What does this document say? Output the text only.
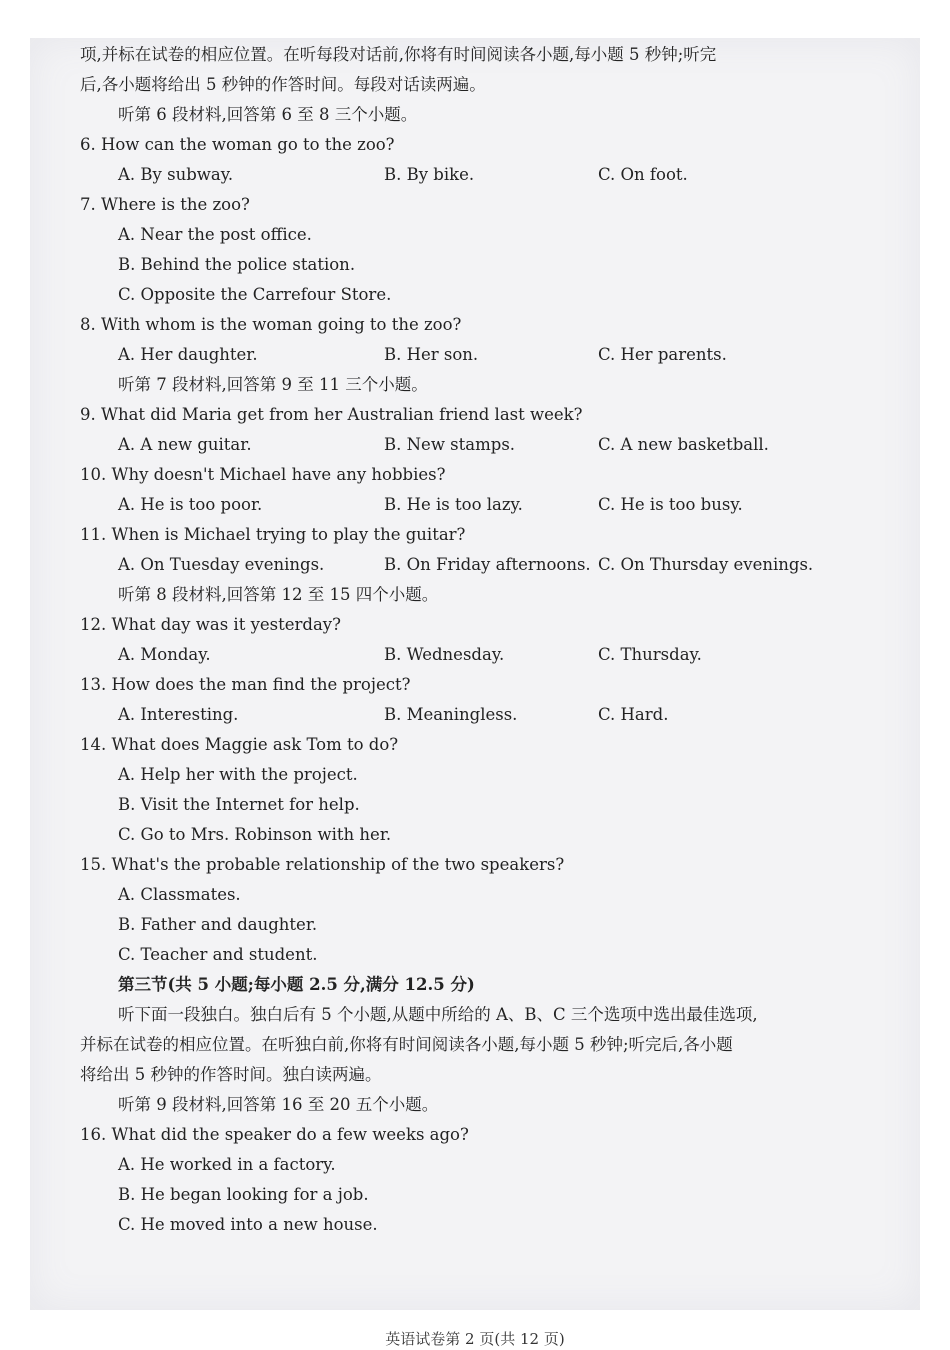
项,并标在试卷的相应位置。在听每段对话前,你将有时间阅读各小题,每小题 5 秒钟;听完
后,各小题将给出 5 秒钟的作答时间。每段对话读两遍。
听第 6 段材料,回答第 6 至 8 三个小题。
6. How can the woman go to the zoo?
A. By subway.	B. By bike.	C. On foot.
7. Where is the zoo?
A. Near the post office.
B. Behind the police station.
C. Opposite the Carrefour Store.
8. With whom is the woman going to the zoo?
A. Her daughter.	B. Her son.	C. Her parents.
听第 7 段材料,回答第 9 至 11 三个小题。
9. What did Maria get from her Australian friend last week?
A. A new guitar.	B. New stamps.	C. A new basketball.
10. Why doesn't Michael have any hobbies?
A. He is too poor.	B. He is too lazy.	C. He is too busy.
11. When is Michael trying to play the guitar?
A. On Tuesday evenings.	B. On Friday afternoons. C. On Thursday evenings.
听第 8 段材料,回答第 12 至 15 四个小题。
12. What day was it yesterday?
A. Monday.	B. Wednesday.	C. Thursday.
13. How does the man find the project?
A. Interesting.	B. Meaningless.	C. Hard.
14. What does Maggie ask Tom to do?
A. Help her with the project.
B. Visit the Internet for help.
C. Go to Mrs. Robinson with her.
15. What's the probable relationship of the two speakers?
A. Classmates.
B. Father and daughter.
C. Teacher and student.
第三节(共 5 小题;每小题 2.5 分,满分 12.5 分)
听下面一段独白。独白后有 5 个小题,从题中所给的 A、B、C 三个选项中选出最佳选项,
并标在试卷的相应位置。在听独白前,你将有时间阅读各小题,每小题 5 秒钟;听完后,各小题
将给出 5 秒钟的作答时间。独白读两遍。
听第 9 段材料,回答第 16 至 20 五个小题。
16. What did the speaker do a few weeks ago?
A. He worked in a factory.
B. He began looking for a job.
C. He moved into a new house.
英语试卷第 2 页(共 12 页)
